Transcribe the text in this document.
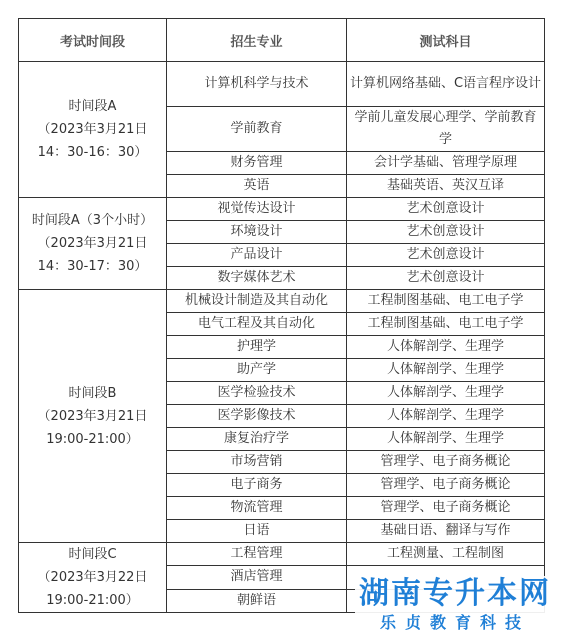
考试时间段	招生专业	测试科目

时间段A
（2023年3月21日
14：30-16：30）	计算机科学与技术	计算机网络基础、C语言程序设计
	学前教育	学前儿童发展心理学、学前教育学
	财务管理	会计学基础、管理学原理
	英语	基础英语、英汉互译

时间段A（3个小时）
（2023年3月21日
14：30-17：30）	视觉传达设计	艺术创意设计
	环境设计	艺术创意设计
	产品设计	艺术创意设计
	数字媒体艺术	艺术创意设计

时间段B
（2023年3月21日
19:00-21:00）	机械设计制造及其自动化	工程制图基础、电工电子学
	电气工程及其自动化	工程制图基础、电工电子学
	护理学	人体解剖学、生理学
	助产学	人体解剖学、生理学
	医学检验技术	人体解剖学、生理学
	医学影像技术	人体解剖学、生理学
	康复治疗学	人体解剖学、生理学
	市场营销	管理学、电子商务概论
	电子商务	管理学、电子商务概论
	物流管理	管理学、电子商务概论
	日语	基础日语、翻译与写作

时间段C
（2023年3月22日
19:00-21:00）	工程管理	工程测量、工程制图
	酒店管理	
	朝鲜语		湖南专升本网
乐贞教育科技
